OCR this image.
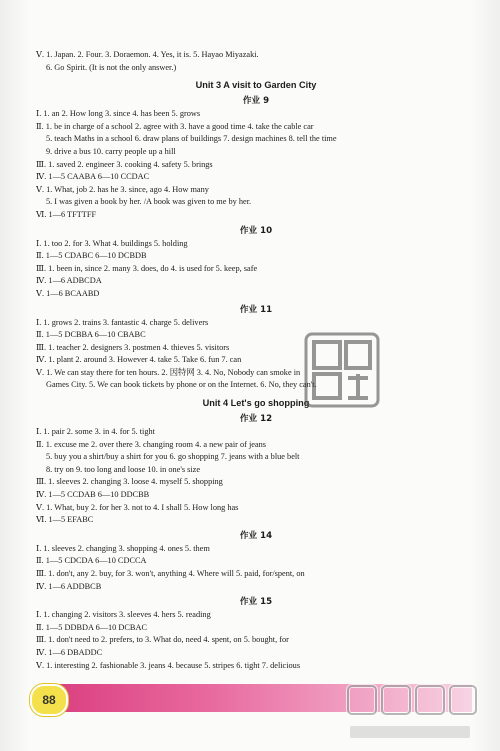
Ⅴ. 1. Japan. 2. Four. 3. Doraemon. 4. Yes, it is. 5. Hayao Miyazaki.
6. Go Spirit. (It is not the only answer.)
Unit 3 A visit to Garden City
作业 9
Ⅰ. 1. an 2. How long 3. since 4. has been 5. grows
Ⅱ. 1. be in charge of a school 2. agree with 3. have a good time 4. take the cable car
5. teach Maths in a school 6. draw plans of buildings 7. design machines 8. tell the time
9. drive a bus 10. carry people up a hill
Ⅲ. 1. saved 2. engineer 3. cooking 4. safety 5. brings
Ⅳ. 1—5 CAABA 6—10 CCDAC
Ⅴ. 1. What, job 2. has he 3. since, ago 4. How many
5. I was given a book by her. /A book was given to me by her.
Ⅵ. 1—6 TFTTFF
作业 10
Ⅰ. 1. too 2. for 3. What 4. buildings 5. holding
Ⅱ. 1—5 CDABC 6—10 DCBDB
Ⅲ. 1. been in, since 2. many 3. does, do 4. is used for 5. keep, safe
Ⅳ. 1—6 ADBCDA
Ⅴ. 1—6 BCAABD
作业 11
Ⅰ. 1. grows 2. trains 3. fantastic 4. charge 5. delivers
Ⅱ. 1—5 DCBBA 6—10 CBABC
Ⅲ. 1. teacher 2. designers 3. postmen 4. thieves 5. visitors
Ⅳ. 1. plant 2. around 3. However 4. take 5. Take 6. fun 7. can
Ⅴ. 1. We can stay there for ten hours. 2. 因特网 3. 4. No, Nobody can smoke in
Games City. 5. We can book tickets by phone or on the Internet. 6. No, they can't.
Unit 4 Let's go shopping
作业 12
Ⅰ. 1. pair 2. some 3. in 4. for 5. tight
Ⅱ. 1. excuse me 2. over there 3. changing room 4. a new pair of jeans
5. buy you a shirt/buy a shirt for you 6. go shopping 7. jeans with a blue belt
8. try on 9. too long and loose 10. in one's size
Ⅲ. 1. sleeves 2. changing 3. loose 4. myself 5. shopping
Ⅳ. 1—5 CCDAB 6—10 DDCBB
Ⅴ. 1. What, buy 2. for her 3. not to 4. I shall 5. How long has
Ⅵ. 1—5 EFABC
作业 14
Ⅰ. 1. sleeves 2. changing 3. shopping 4. ones 5. them
Ⅱ. 1—5 CDCDA 6—10 CDCCA
Ⅲ. 1. don't, any 2. buy, for 3. won't, anything 4. Where will 5. paid, for/spent, on
Ⅳ. 1—6 ADDBCB
作业 15
Ⅰ. 1. changing 2. visitors 3. sleeves 4. hers 5. reading
Ⅱ. 1—5 DDBDA 6—10 DCBAC
Ⅲ. 1. don't need to 2. prefers, to 3. What do, need 4. spent, on 5. bought, for
Ⅳ. 1—6 DBADDC
Ⅴ. 1. interesting 2. fashionable 3. jeans 4. because 5. stripes 6. tight 7. delicious
88
